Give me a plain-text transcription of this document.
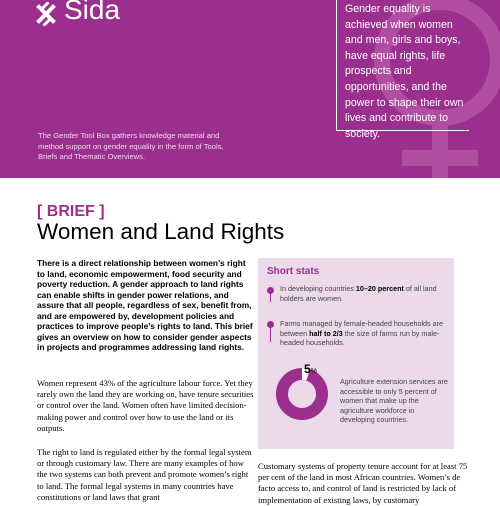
Sida	Gender equality is achieved when women and men, girls and boys, have equal rights, life prospects and opportunities, and the power to shape their own lives and contribute to society.
The Gender Tool Box gathers knowledge material and method support on gender equality in the form of Tools, Briefs and Thematic Overviews.
[ BRIEF ]
Women and Land Rights
There is a direct relationship between women’s right to land, economic empowerment, food security and poverty reduction. A gender approach to land rights can enable shifts in gender power relations, and assure that all people, regardless of sex, benefit from, and are empowered by, development policies and practices to improve people’s rights to land. This brief gives an overview on how to consider gender aspects in projects and programmes addressing land rights.
Women represent 43% of the agriculture labour force. Yet they rarely own the land they are working on, have tenure securities or control over the land. Women often have limited decision-making power and control over how to use the land or its outputs.
The right to land is regulated either by the formal legal system or through customary law. There are many examples of how the two systems can both prevent and promote women’s right to land. The formal legal systems in many countries have constitutions or land laws that grant
Short stats
In developing countries 10–20 percent of all land holders are women.
Farms managed by female-headed households are between half to 2/3 the size of farms run by male-headed households.
5%
Agriculture extension services are accessible to only 5 percent of women that make up the agriculture workforce in developing countries.
Customary systems of property tenure account for at least 75 per cent of the land in most African countries. Women’s de facto access to, and control of land is restricted by lack of implementation of existing laws, by customary
